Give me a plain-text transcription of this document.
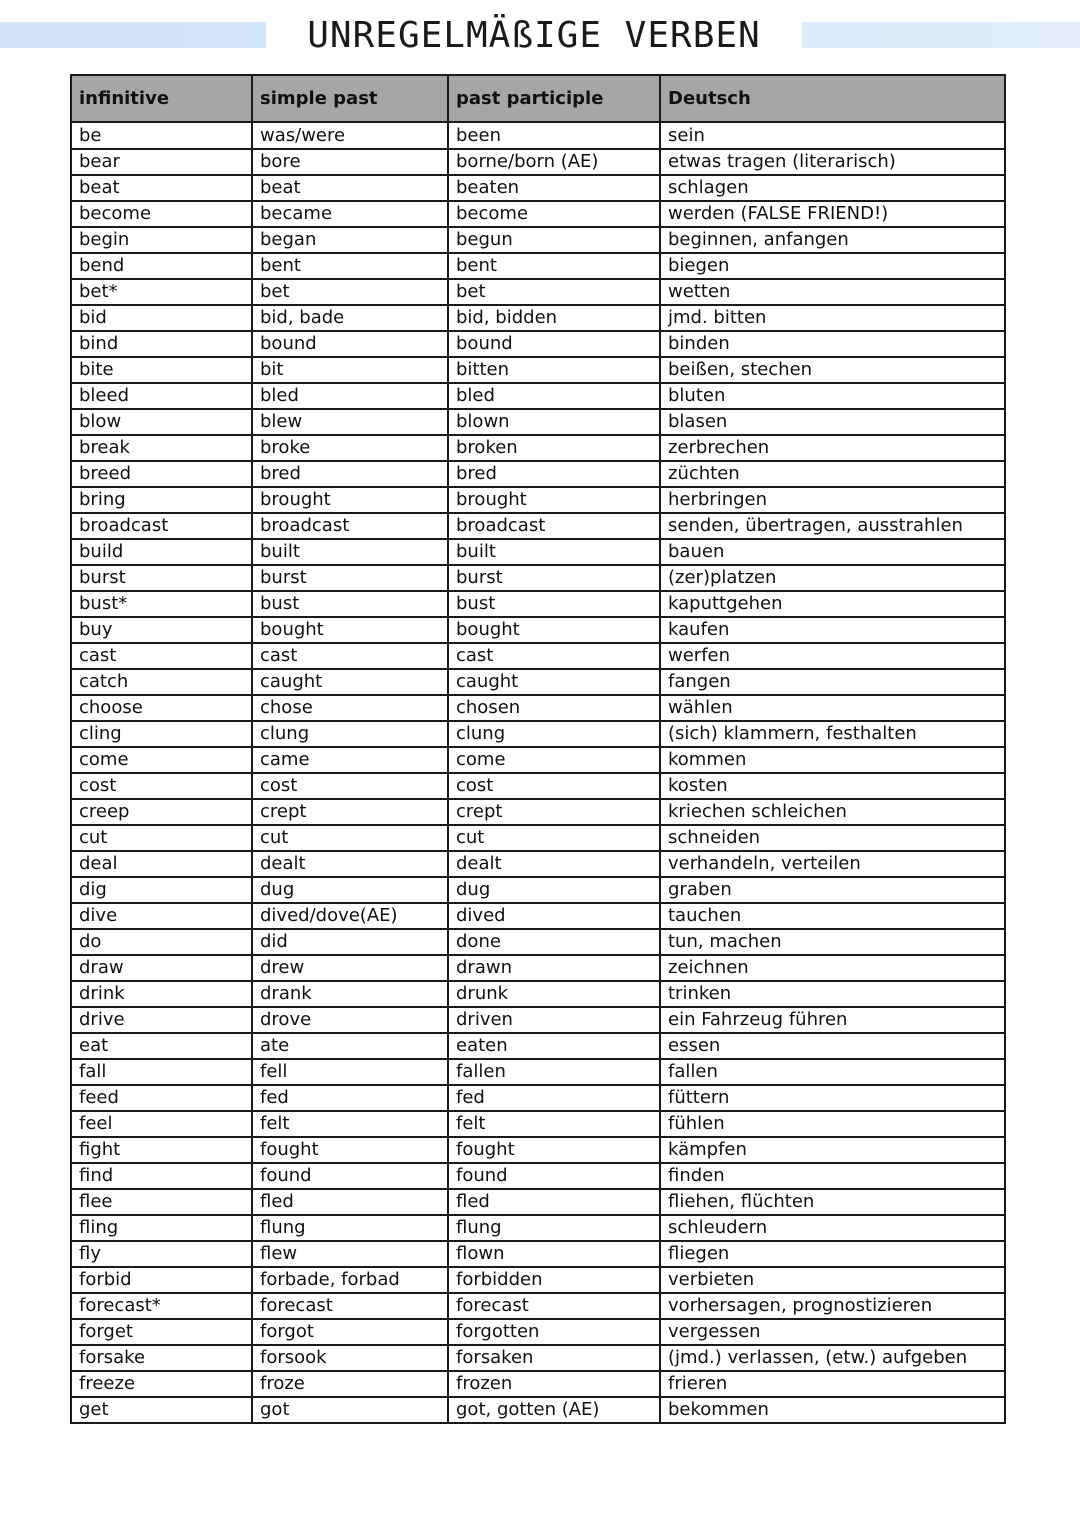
UNREGELMÄßIGE VERBEN
infinitive	simple past	past participle	Deutsch

be	was/were	been	sein
bear	bore	borne/born (AE)	etwas tragen (literarisch)
beat	beat	beaten	schlagen
become	became	become	werden (FALSE FRIEND!)
begin	began	begun	beginnen, anfangen
bend	bent	bent	biegen
bet*	bet	bet	wetten
bid	bid, bade	bid, bidden	jmd. bitten
bind	bound	bound	binden
bite	bit	bitten	beißen, stechen
bleed	bled	bled	bluten
blow	blew	blown	blasen
break	broke	broken	zerbrechen
breed	bred	bred	züchten
bring	brought	brought	herbringen
broadcast	broadcast	broadcast	senden, übertragen, ausstrahlen
build	built	built	bauen
burst	burst	burst	(zer)platzen
bust*	bust	bust	kaputtgehen
buy	bought	bought	kaufen
cast	cast	cast	werfen
catch	caught	caught	fangen
choose	chose	chosen	wählen
cling	clung	clung	(sich) klammern, festhalten
come	came	come	kommen
cost	cost	cost	kosten
creep	crept	crept	kriechen schleichen
cut	cut	cut	schneiden
deal	dealt	dealt	verhandeln, verteilen
dig	dug	dug	graben
dive	dived/dove(AE)	dived	tauchen
do	did	done	tun, machen
draw	drew	drawn	zeichnen
drink	drank	drunk	trinken
drive	drove	driven	ein Fahrzeug führen
eat	ate	eaten	essen
fall	fell	fallen	fallen
feed	fed	fed	füttern
feel	felt	felt	fühlen
fight	fought	fought	kämpfen
find	found	found	finden
flee	fled	fled	fliehen, flüchten
fling	flung	flung	schleudern
fly	flew	flown	fliegen
forbid	forbade, forbad	forbidden	verbieten
forecast*	forecast	forecast	vorhersagen, prognostizieren
forget	forgot	forgotten	vergessen
forsake	forsook	forsaken	(jmd.) verlassen, (etw.) aufgeben
freeze	froze	frozen	frieren
get	got	got, gotten (AE)	bekommen
